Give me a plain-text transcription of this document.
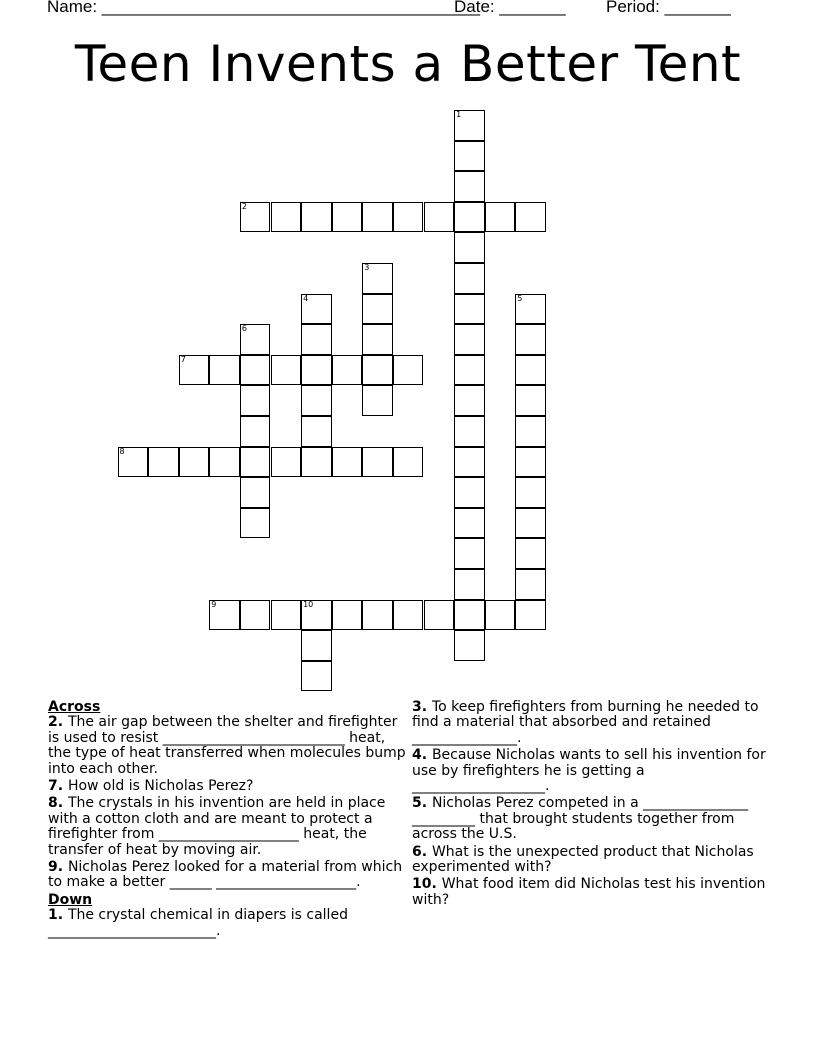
Name: ________________________________________
Date: _______ Period: _______
Teen Invents a Better Tent
1
2
3
4	5
6
7
8
9	10
Across
2. The air gap between the shelter and firefighter is used to resist __________________________ heat, the type of heat transferred when molecules bump into each other.
7. How old is Nicholas Perez?
8. The crystals in his invention are held in place with a cotton cloth and are meant to protect a firefighter from ____________________ heat, the transfer of heat by moving air.
9. Nicholas Perez looked for a material from which to make a better ______ ____________________.
Down
1. The crystal chemical in diapers is called ________________________.
3. To keep firefighters from burning he needed to find a material that absorbed and retained _______________.
4. Because Nicholas wants to sell his invention for use by firefighters he is getting a ___________________.
5. Nicholas Perez competed in a _______________ _________ that brought students together from across the U.S.
6. What is the unexpected product that Nicholas experimented with?
10. What food item did Nicholas test his invention with?
